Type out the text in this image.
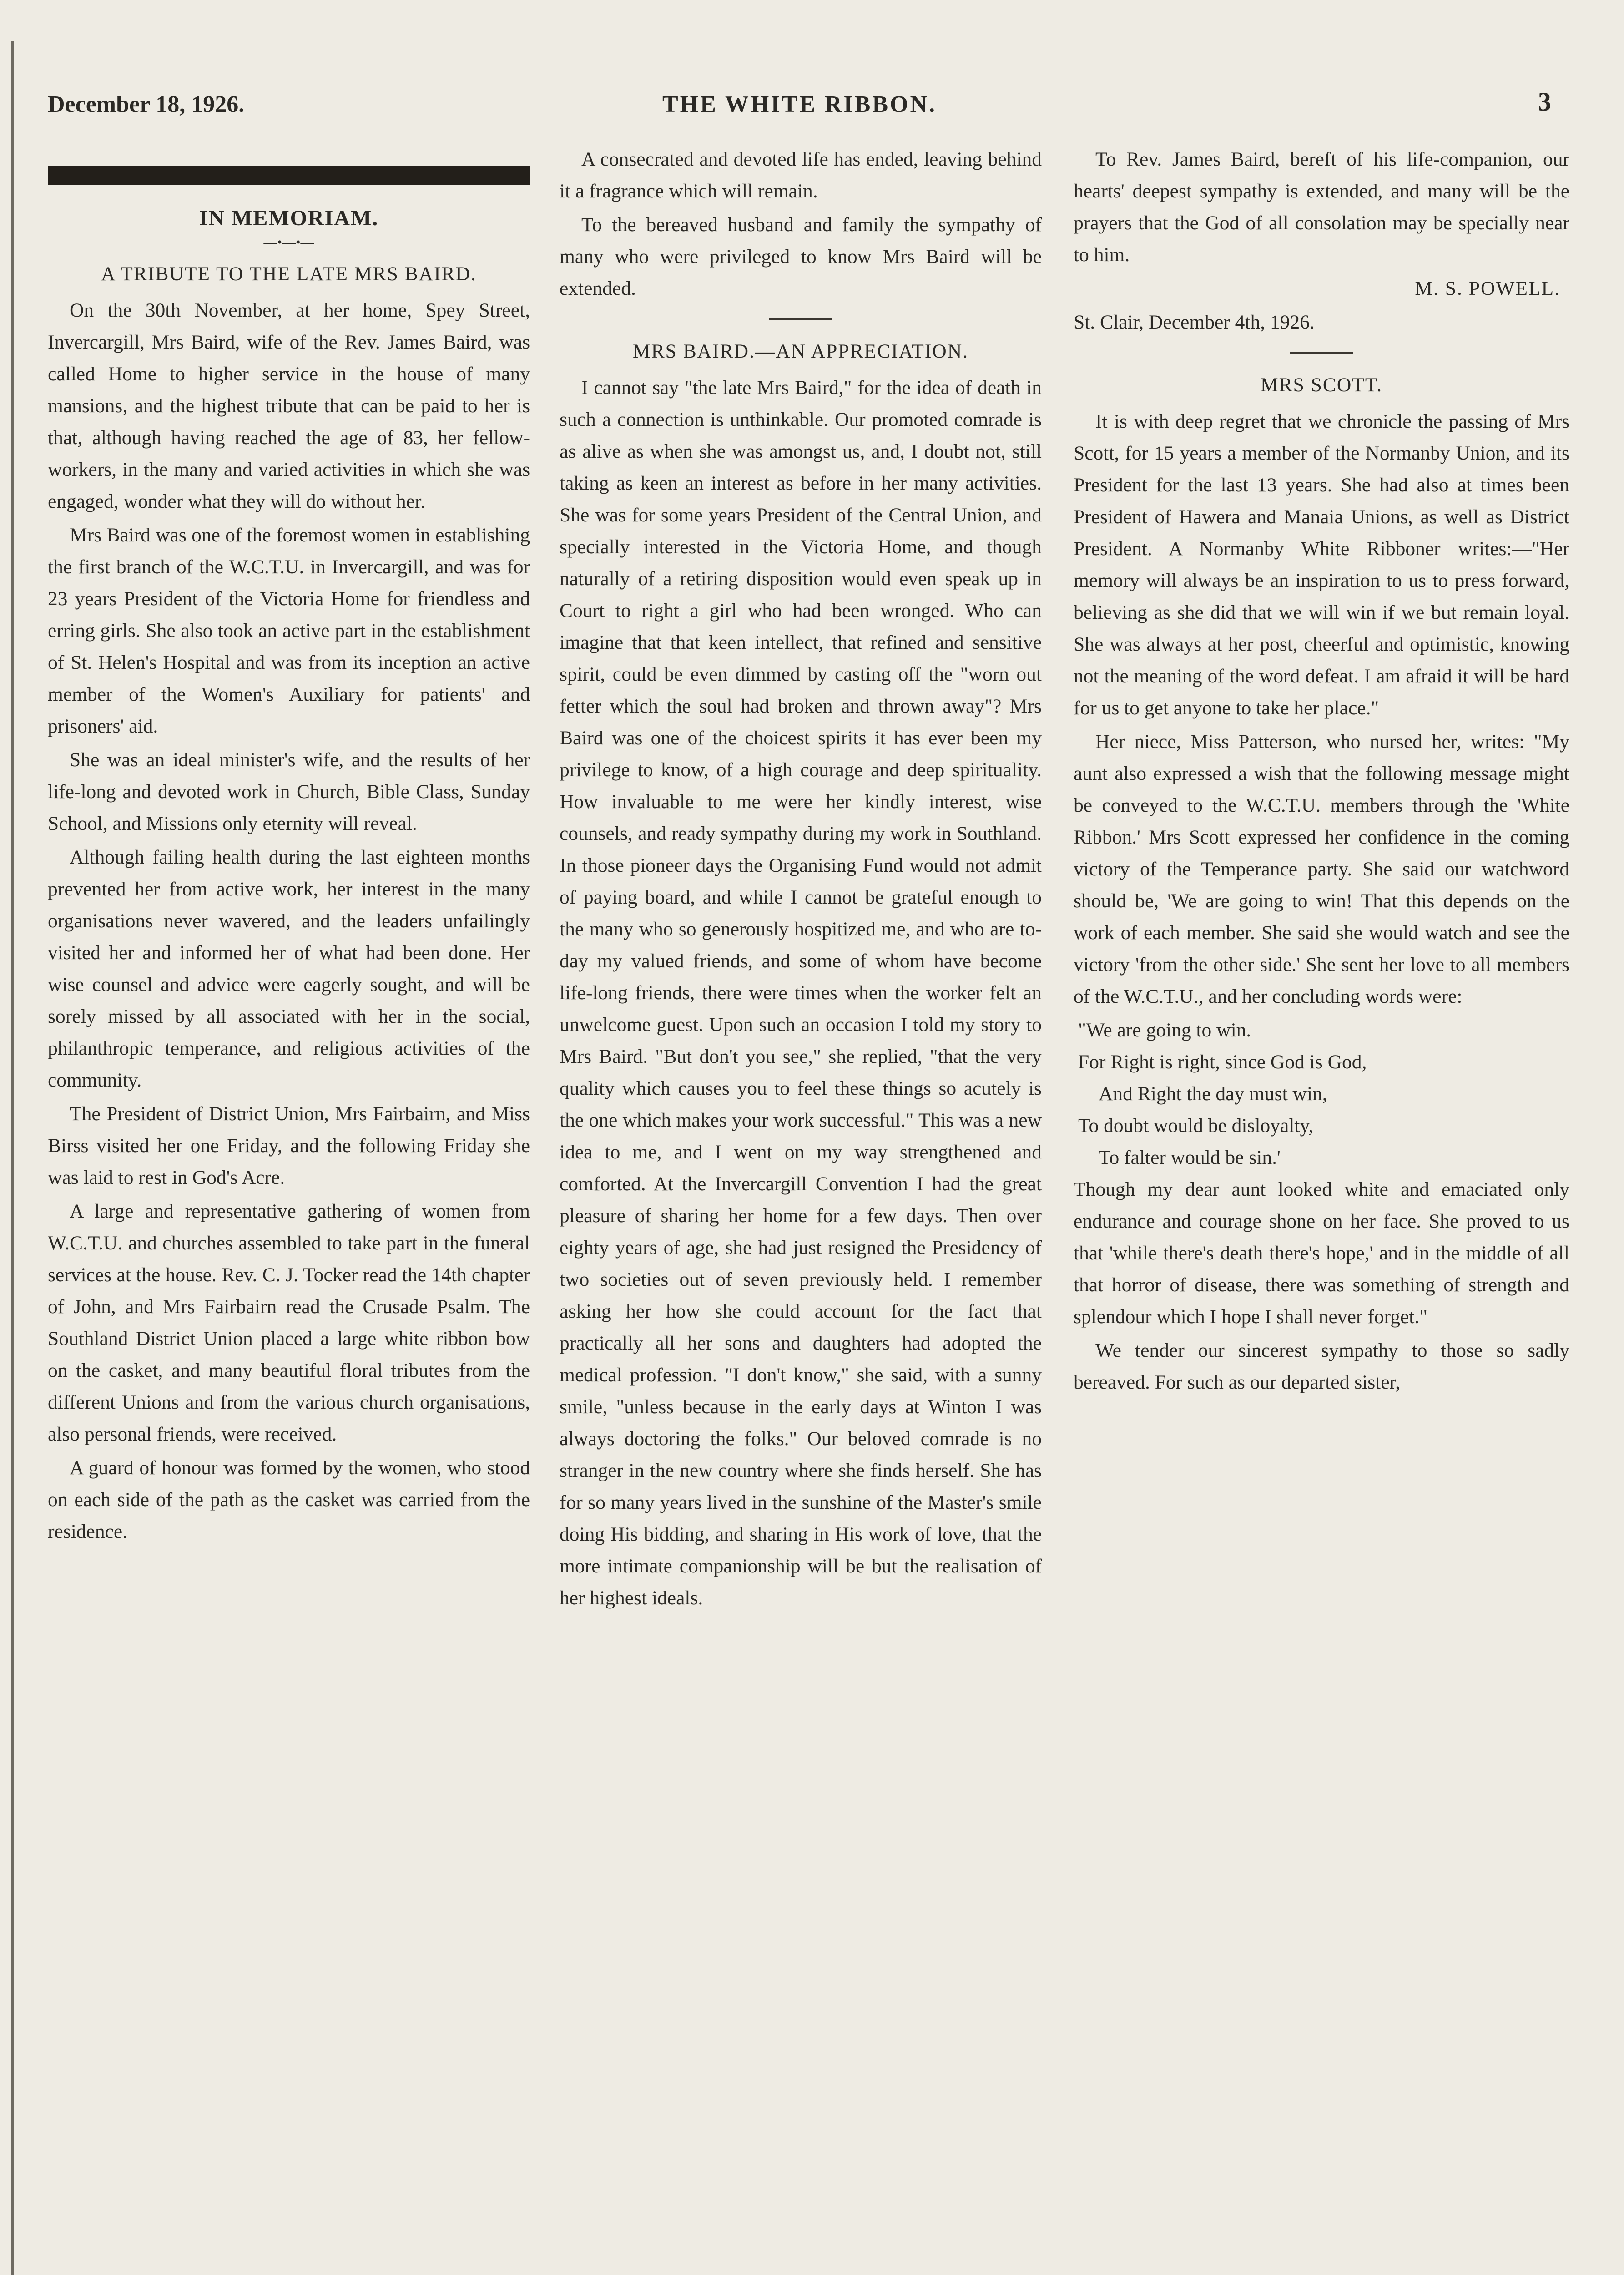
December 18, 1926.	THE WHITE RIBBON.	3

IN MEMORIAM.

—•—•—

A TRIBUTE TO THE LATE MRS BAIRD.

On the 30th November, at her home, Spey Street, Invercargill, Mrs Baird, wife of the Rev. James Baird, was called Home to higher service in the house of many mansions, and the highest tribute that can be paid to her is that, although having reached the age of 83, her fellow-workers, in the many and varied activities in which she was engaged, wonder what they will do without her.

Mrs Baird was one of the foremost women in establishing the first branch of the W.C.T.U. in Invercargill, and was for 23 years President of the Victoria Home for friendless and erring girls. She also took an active part in the establishment of St. Helen's Hospital and was from its inception an active member of the Women's Auxiliary for patients' and prisoners' aid.

She was an ideal minister's wife, and the results of her life-long and devoted work in Church, Bible Class, Sunday School, and Missions only eternity will reveal.

Although failing health during the last eighteen months prevented her from active work, her interest in the many organisations never wavered, and the leaders unfailingly visited her and informed her of what had been done. Her wise counsel and advice were eagerly sought, and will be sorely missed by all associated with her in the social, philanthropic temperance, and religious activities of the community.

The President of District Union, Mrs Fairbairn, and Miss Birss visited her one Friday, and the following Friday she was laid to rest in God's Acre.

A large and representative gathering of women from W.C.T.U. and churches assembled to take part in the funeral services at the house. Rev. C. J. Tocker read the 14th chapter of John, and Mrs Fairbairn read the Crusade Psalm. The Southland District Union placed a large white ribbon bow on the casket, and many beautiful floral tributes from the different Unions and from the various church organisations, also personal friends, were received.

A guard of honour was formed by the women, who stood on each side of the path as the casket was carried from the residence.

A consecrated and devoted life has ended, leaving behind it a fragrance which will remain.

To the bereaved husband and family the sympathy of many who were privileged to know Mrs Baird will be extended.

MRS BAIRD.—AN APPRECIATION.

I cannot say "the late Mrs Baird," for the idea of death in such a connection is unthinkable. Our promoted comrade is as alive as when she was amongst us, and, I doubt not, still taking as keen an interest as before in her many activities. She was for some years President of the Central Union, and specially interested in the Victoria Home, and though naturally of a retiring disposition would even speak up in Court to right a girl who had been wronged. Who can imagine that that keen intellect, that refined and sensitive spirit, could be even dimmed by casting off the "worn out fetter which the soul had broken and thrown away"? Mrs Baird was one of the choicest spirits it has ever been my privilege to know, of a high courage and deep spirituality. How invaluable to me were her kindly interest, wise counsels, and ready sympathy during my work in Southland. In those pioneer days the Organising Fund would not admit of paying board, and while I cannot be grateful enough to the many who so generously hospitized me, and who are to-day my valued friends, and some of whom have become life-long friends, there were times when the worker felt an unwelcome guest. Upon such an occasion I told my story to Mrs Baird. "But don't you see," she replied, "that the very quality which causes you to feel these things so acutely is the one which makes your work successful." This was a new idea to me, and I went on my way strengthened and comforted. At the Invercargill Convention I had the great pleasure of sharing her home for a few days. Then over eighty years of age, she had just resigned the Presidency of two societies out of seven previously held. I remember asking her how she could account for the fact that practically all her sons and daughters had adopted the medical profession. "I don't know," she said, with a sunny smile, "unless because in the early days at Winton I was always doctoring the folks." Our beloved comrade is no stranger in the new country where she finds herself. She has for so many years lived in the sunshine of the Master's smile doing His bidding, and sharing in His work of love, that the more intimate companionship will be but the realisation of her highest ideals.

To Rev. James Baird, bereft of his life-companion, our hearts' deepest sympathy is extended, and many will be the prayers that the God of all consolation may be specially near to him.

M. S. POWELL.

St. Clair, December 4th, 1926.

MRS SCOTT.

It is with deep regret that we chronicle the passing of Mrs Scott, for 15 years a member of the Normanby Union, and its President for the last 13 years. She had also at times been President of Hawera and Manaia Unions, as well as District President. A Normanby White Ribboner writes:—"Her memory will always be an inspiration to us to press forward, believing as she did that we will win if we but remain loyal. She was always at her post, cheerful and optimistic, knowing not the meaning of the word defeat. I am afraid it will be hard for us to get anyone to take her place."

Her niece, Miss Patterson, who nursed her, writes: "My aunt also expressed a wish that the following message might be conveyed to the W.C.T.U. members through the 'White Ribbon.' Mrs Scott expressed her confidence in the coming victory of the Temperance party. She said our watchword should be, 'We are going to win! That this depends on the work of each member. She said she would watch and see the victory 'from the other side.' She sent her love to all members of the W.C.T.U., and her concluding words were:

"We are going to win.

For Right is right, since God is God,

And Right the day must win,

To doubt would be disloyalty,

To falter would be sin.'

Though my dear aunt looked white and emaciated only endurance and courage shone on her face. She proved to us that 'while there's death there's hope,' and in the middle of all that horror of disease, there was something of strength and splendour which I hope I shall never forget."

We tender our sincerest sympathy to those so sadly bereaved. For such as our departed sister,
